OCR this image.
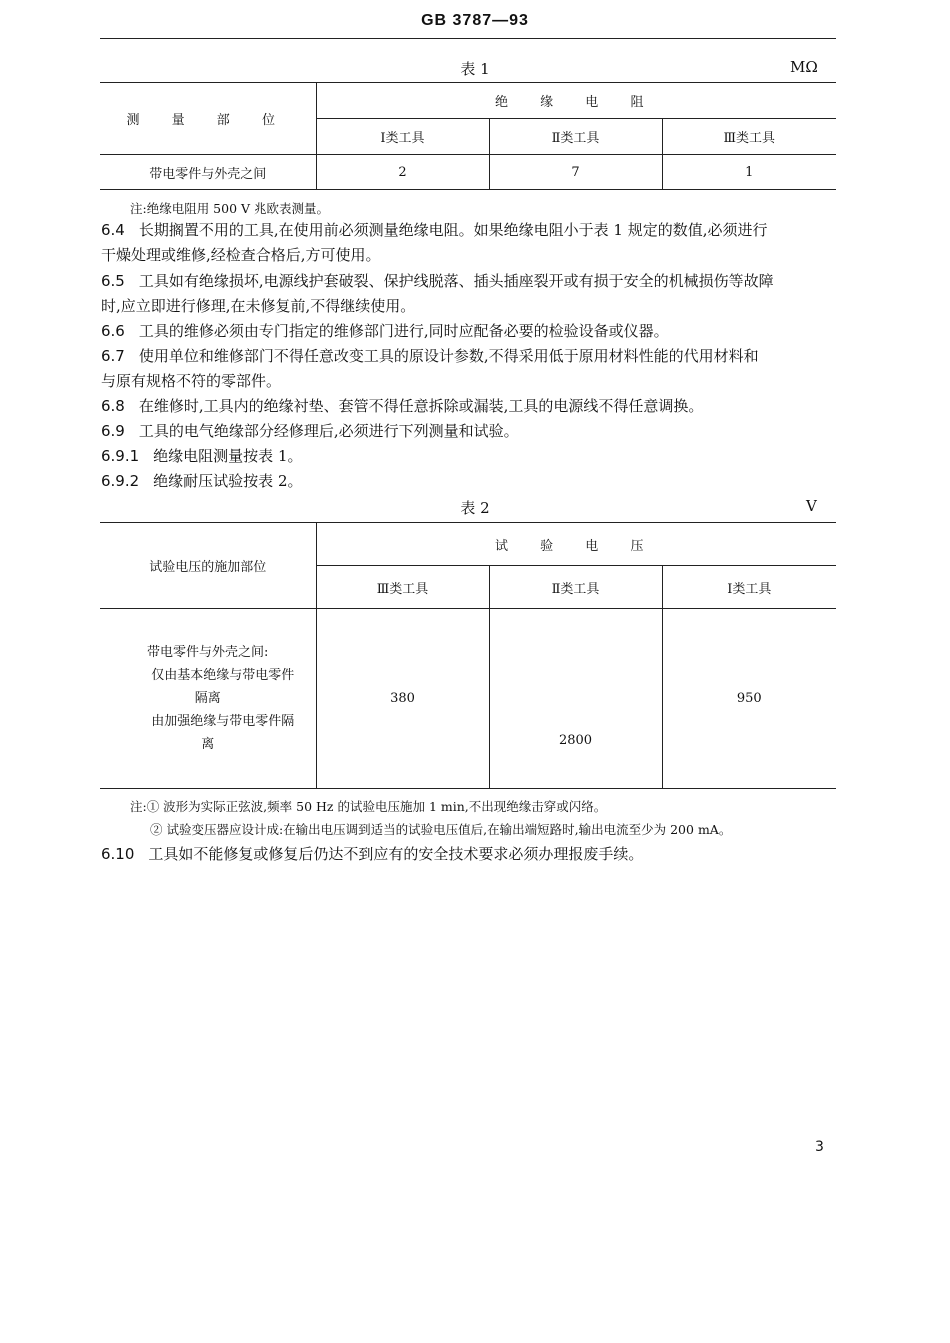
GB 3787—93
表 1	MΩ
测 量 部 位	绝 缘 电 阻		
	Ⅰ类工具	Ⅱ类工具	Ⅲ类工具
带电零件与外壳之间	2	7	1
注:绝缘电阻用 500 V 兆欧表测量。
6.4 长期搁置不用的工具,在使用前必须测量绝缘电阻。如果绝缘电阻小于表 1 规定的数值,必须进行
干燥处理或维修,经检查合格后,方可使用。
6.5 工具如有绝缘损坏,电源线护套破裂、保护线脱落、插头插座裂开或有损于安全的机械损伤等故障
时,应立即进行修理,在未修复前,不得继续使用。
6.6 工具的维修必须由专门指定的维修部门进行,同时应配备必要的检验设备或仪器。
6.7 使用单位和维修部门不得任意改变工具的原设计参数,不得采用低于原用材料性能的代用材料和
与原有规格不符的零部件。
6.8 在维修时,工具内的绝缘衬垫、套管不得任意拆除或漏装,工具的电源线不得任意调换。
6.9 工具的电气绝缘部分经修理后,必须进行下列测量和试验。
6.9.1 绝缘电阻测量按表 1。
6.9.2 绝缘耐压试验按表 2。
表 2	V
试验电压的施加部位	试 验 电 压		
	Ⅲ类工具	Ⅱ类工具	Ⅰ类工具

带电零件与外壳之间:
仅由基本绝缘与带电零件
隔离
由加强绝缘与带电零件隔
离	380	2800	950
注:① 波形为实际正弦波,频率 50 Hz 的试验电压施加 1 min,不出现绝缘击穿或闪络。
② 试验变压器应设计成:在输出电压调到适当的试验电压值后,在输出端短路时,输出电流至少为 200 mA。
6.10 工具如不能修复或修复后仍达不到应有的安全技术要求必须办理报废手续。
3
